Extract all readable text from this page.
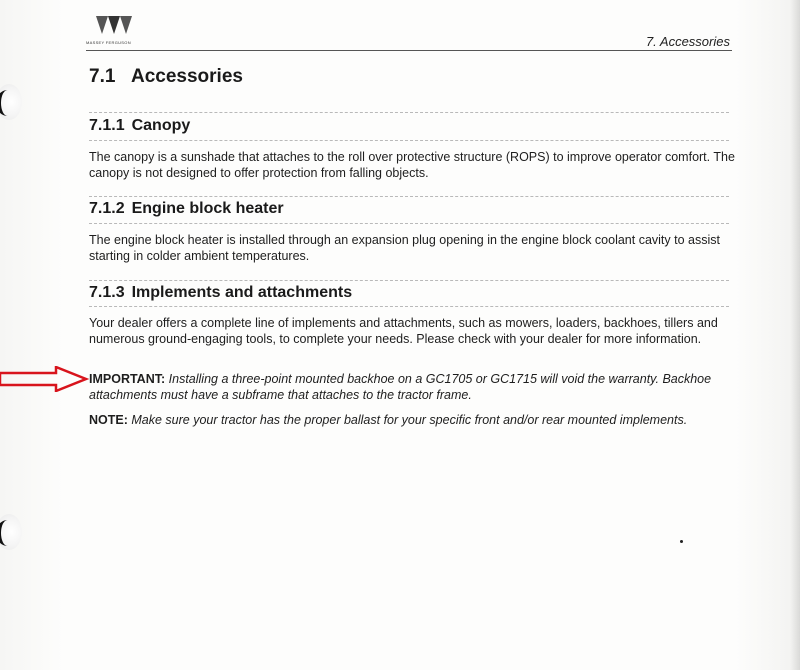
MASSEY FERGUSON	7. Accessories
7.1 Accessories
7.1.1 Canopy
The canopy is a sunshade that attaches to the roll over protective structure (ROPS) to improve operator comfort. The canopy is not designed to offer protection from falling objects.
7.1.2 Engine block heater
The engine block heater is installed through an expansion plug opening in the engine block coolant cavity to assist starting in colder ambient temperatures.
7.1.3 Implements and attachments
Your dealer offers a complete line of implements and attachments, such as mowers, loaders, backhoes, tillers and numerous ground-engaging tools, to complete your needs. Please check with your dealer for more information.
IMPORTANT: Installing a three-point mounted backhoe on a GC1705 or GC1715 will void the warranty. Backhoe attachments must have a subframe that attaches to the tractor frame.
NOTE: Make sure your tractor has the proper ballast for your specific front and/or rear mounted implements.
